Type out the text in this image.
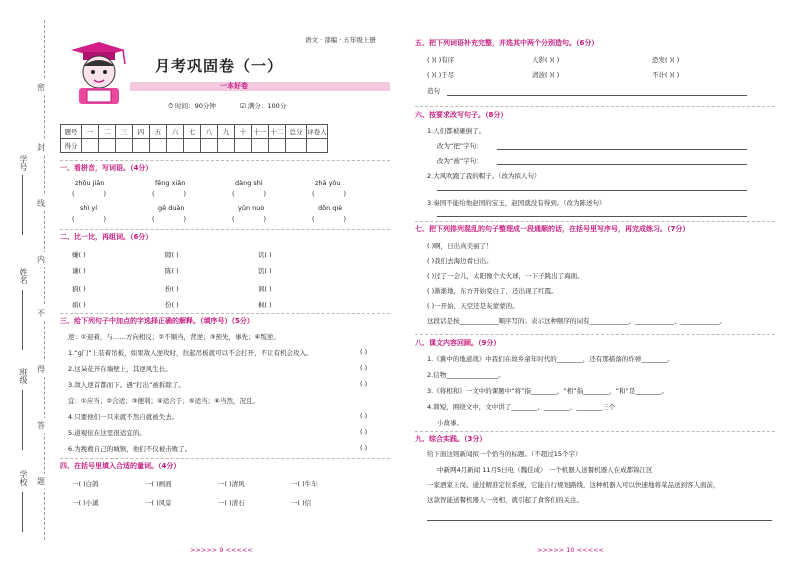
密
封
线
内
不
得
答
题
学号
姓名
班级
学校
语文 · 部编 · 五年级上册
月考巩固卷（一）
一本好卷
⏱ 时间：90分钟	☑ 满分：100分
题号	一	二	三	四	五	六	七	八	九	十	十一	十二	总分	评卷人
得分														
一、看拼音，写词语。（4分）
zhōu jiān	fēng xiǎn	dàng shì	zhā yǒu
(              )	(              )	(              )	(              )
shì yí	gē duàn	yǔn nuò	dōn qiè
(              )	(              )	(              )	(              )
二、比一比，再组词。（6分）
嫌( )	隙( )	讥( )
谦( )	陈( )	饥( )
捐( )	扮( )	讽( )
娟( )	份( )	枫( )
三、给下列句子中加点的字选择正确的解释。（填序号）（5分）
逆：①迎着，与……方向相反；②不顺当，背逆；③预先，事先；④叛逆。
1.“ɡ门”上装着吊板，如果敌人逆攻时，拉起吊板就可以不会打开，不让有机会攻入。
2.这朵花开在墙壁上，其逆风生长。
3.敌人逆首都而下。遇“打出”被拆除了。
宜：①应当；②合适；③便利；④适合于；⑤适当；⑥当然，况且。
4.只要他们一只来就不然自就被失去。
5.道观依在这里很适宜的。
6.为挽救自己的城镇，他们不仅被击败了。
( )
( )
( )
( )
( )
( )
四、在括号里填入合适的量词。（4分）
一( )白鸽	一( )画面	一( )清风	一( )牛车
一( )小溪	一( )风景	一( )清石	一( )信
>>>>> 9 <<<<<
五、把下列词语补充完整，并选其中两个分别造句。（6分）
( )( )有序	人影( )( )	恐发( )( )
( )( )于尽	清波( )( )	不计( )( )
造句
六、按要求改写句子。（8分）
1.人们都被砸倒了。
改为“把”字句：
改为“被”字句：
2.大风吹跑了我的帽子。（改为拟人句）
3.奏国不能给他赵国的宝玉，赵国就没有得到。（改为陈述句）
七、把下列排列混乱的句子整理成一段通顺的话，在括号里写序号，再完成练习。（7分）
( )啊，日出真美丽了！
( )我们去海边看日出。
( )过了一会儿，太阳像个大火球，一下子跳出了海面。
( )渐渐地，东方开始变白了，还出现了红霞。
( )一开始，天空还是灰蒙蒙的。
这段话是按____________顺序写的；表示这种顺序的词有____________、____________、____________。
八、课文内容回顾。（9分）
1.《冀中的地道战》中我们在故乡童年时代的________，还有那描落的炸弹________。
2.信物________________。
3.《将相和》一文中的课题中“将”指________，“相”指________，“和”是________。
4.简短，围绕文中，文中讲了________、________、________三个
小故事。
九、综合实践。（3分）
给下面这则新闻拟一个恰当的标题。（不超过15个字）
中新网4月新闻 11月5日电（魏佳成） 一个机器人送餐机器人在成都锦江区
一家酒家上岗。通过精准定位系统，它能自行规划路线，这种机器人可以快速地将菜品送到客人面前，
这款智能送餐机器人一亮相，就引起了食客们的关注。
>>>>> 10 <<<<<
